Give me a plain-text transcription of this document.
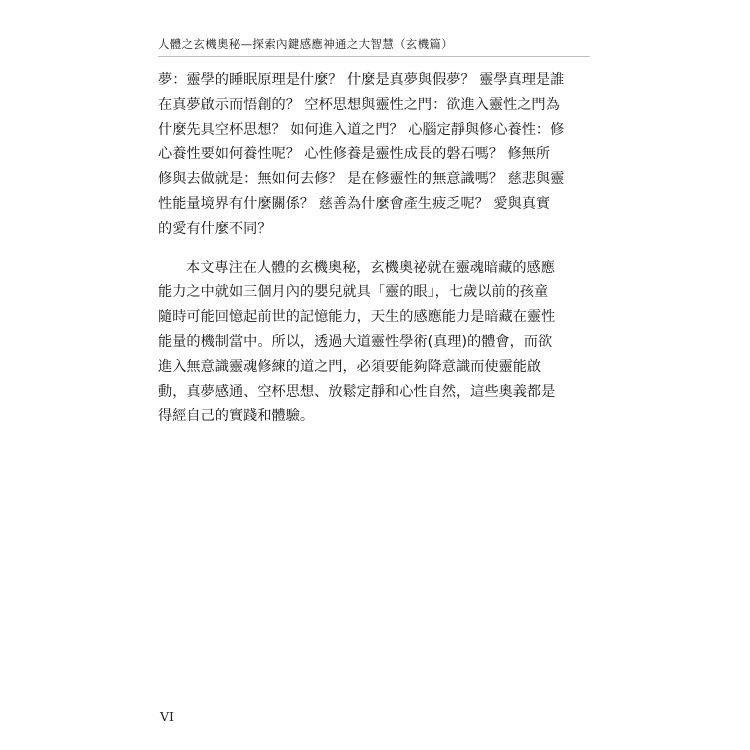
人體之玄機奧秘—探索內鍵感應神通之大智慧（玄機篇）

夢：靈學的睡眠原理是什麼？ 什麼是真夢與假夢？ 靈學真理是誰
在真夢啟示而悟創的？ 空杯思想與靈性之門：欲進入靈性之門為
什麼先具空杯思想？ 如何進入道之門？ 心腦定靜與修心養性：修
心養性要如何養性呢？ 心性修養是靈性成長的磐石嗎？ 修無所
修與去做就是：無如何去修？ 是在修靈性的無意識嗎？ 慈悲與靈
性能量境界有什麼關係？ 慈善為什麼會產生疲乏呢？ 愛與真實
的愛有什麼不同？

本文專注在人體的玄機奧秘，玄機奧祕就在靈魂暗藏的感應
能力之中就如三個月內的嬰兒就具「靈的眼」，七歲以前的孩童
隨時可能回憶起前世的記憶能力，天生的感應能力是暗藏在靈性
能量的機制當中。所以，透過大道靈性學術(真理)的體會，而欲
進入無意識靈魂修練的道之門，必須要能夠降意識而使靈能啟
動，真夢感通、空杯思想、放鬆定靜和心性自然，這些奧義都是
得經自己的實踐和體驗。

VI
